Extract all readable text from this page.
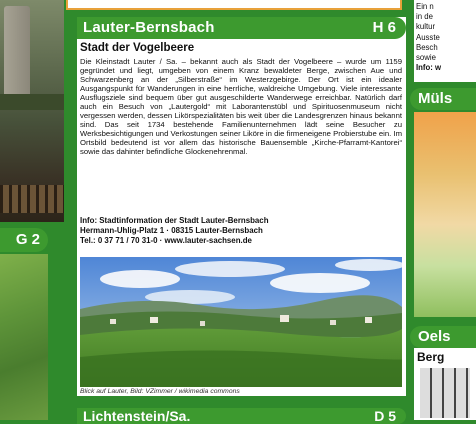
G 2
Lauter-Bernsbach	H 6
Stadt der Vogelbeere

Die Kleinstadt Lauter / Sa. – bekannt auch als Stadt der Vogelbeere – wurde um 1159 gegründet und liegt, umgeben von einem Kranz bewaldeter Berge, zwischen Aue und Schwarzenberg an der „Silberstraße“ im Westerzgebirge. Der Ort ist ein idealer Ausgangspunkt für Wanderungen in eine herrliche, waldreiche Umgebung. Viele interessante Ausflugsziele sind bequem über gut ausgeschilderte Wanderwege erreichbar. Natürlich darf auch ein Besuch von „Lautergold“ mit Laborantenstübl und Spirituosenmuseum nicht vergessen werden, dessen Likörspezialitäten bis weit über die Landesgrenzen hinaus bekannt sind. Das seit 1734 bestehende Familienunternehmen lädt seine Besucher zu Werksbesichtigungen und Verkostungen seiner Liköre in die firmeneigene Probierstube ein. Im Ortsbild bedeutend ist vor allem das historische Bauensemble „Kirche-Pfarramt-Kantorei“ sowie das dahinter befindliche Glockenehrenmal.

Info: Stadtinformation der Stadt Lauter-Bernsbach
Hermann-Uhlig-Platz 1 · 08315 Lauter-Bernsbach
Tel.: 0 37 71 / 70 31-0 · www.lauter-sachsen.de
Blick auf Lauter, Bild: VZimmer / wikimedia commons
Lichtenstein/Sa.	D 5
Ein n
in de
kultur
Ausste
Besch
sowie
Info: w
Müls
Oels
Berg
